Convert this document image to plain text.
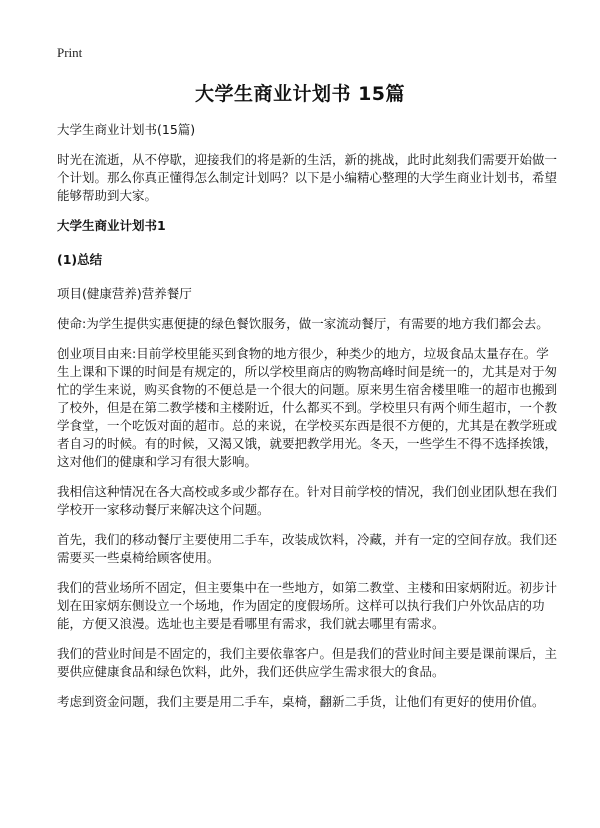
Print
大学生商业计划书 15篇
大学生商业计划书(15篇)
时光在流逝，从不停歇，迎接我们的将是新的生活，新的挑战，此时此刻我们需要开始做一个计划。那么你真正懂得怎么制定计划吗？以下是小编精心整理的大学生商业计划书，希望能够帮助到大家。
大学生商业计划书1
(1)总结
项目(健康营养)营养餐厅
使命:为学生提供实惠便捷的绿色餐饮服务，做一家流动餐厅，有需要的地方我们都会去。
创业项目由来:目前学校里能买到食物的地方很少，种类少的地方，垃圾食品太量存在。学生上课和下课的时间是有规定的，所以学校里商店的购物高峰时间是统一的，尤其是对于匆忙的学生来说，购买食物的不便总是一个很大的问题。原来男生宿舍楼里唯一的超市也搬到了校外，但是在第二教学楼和主楼附近，什么都买不到。学校里只有两个师生超市，一个教学食堂，一个吃饭对面的超市。总的来说，在学校买东西是很不方便的，尤其是在教学班或者自习的时候。有的时候，又渴又饿，就要把教学用光。冬天，一些学生不得不选择挨饿，这对他们的健康和学习有很大影响。
我相信这种情况在各大高校或多或少都存在。针对目前学校的情况，我们创业团队想在我们学校开一家移动餐厅来解决这个问题。
首先，我们的移动餐厅主要使用二手车，改装成饮料，冷藏，并有一定的空间存放。我们还需要买一些桌椅给顾客使用。
我们的营业场所不固定，但主要集中在一些地方，如第二教堂、主楼和田家炳附近。初步计划在田家炳东侧设立一个场地，作为固定的度假场所。这样可以执行我们户外饮品店的功能，方便又浪漫。选址也主要是看哪里有需求，我们就去哪里有需求。
我们的营业时间是不固定的，我们主要依靠客户。但是我们的营业时间主要是课前课后，主要供应健康食品和绿色饮料，此外，我们还供应学生需求很大的食品。
考虑到资金问题，我们主要是用二手车，桌椅，翻新二手货，让他们有更好的使用价值。
